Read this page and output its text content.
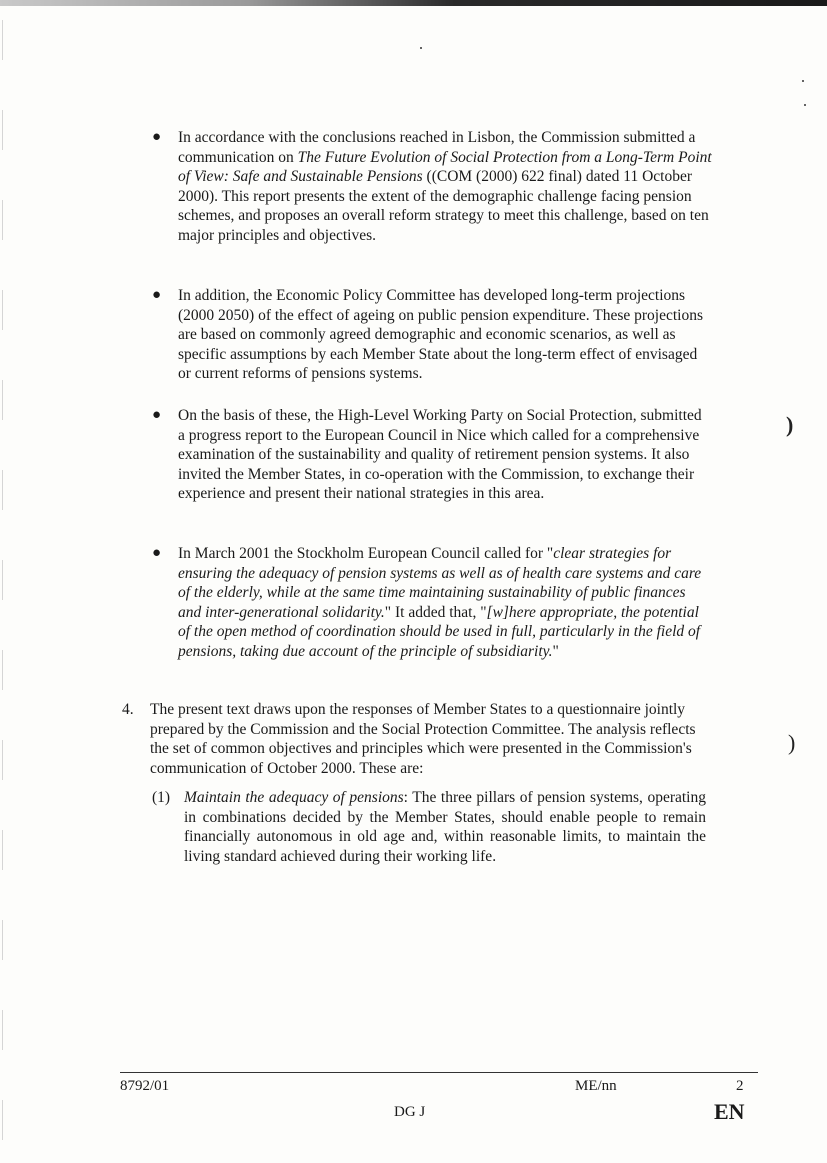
)
)
● In accordance with the conclusions reached in Lisbon, the Commission submitted a communication on The Future Evolution of Social Protection from a Long-Term Point of View: Safe and Sustainable Pensions ((COM (2000) 622 final) dated 11 October 2000). This report presents the extent of the demographic challenge facing pension schemes, and proposes an overall reform strategy to meet this challenge, based on ten major principles and objectives.

● In addition, the Economic Policy Committee has developed long-term projections (2000 2050) of the effect of ageing on public pension expenditure. These projections are based on commonly agreed demographic and economic scenarios, as well as specific assumptions by each Member State about the long-term effect of envisaged or current reforms of pensions systems.

● On the basis of these, the High-Level Working Party on Social Protection, submitted a progress report to the European Council in Nice which called for a comprehensive examination of the sustainability and quality of retirement pension systems. It also invited the Member States, in co-operation with the Commission, to exchange their experience and present their national strategies in this area.

● In March 2001 the Stockholm European Council called for "clear strategies for ensuring the adequacy of pension systems as well as of health care systems and care of the elderly, while at the same time maintaining sustainability of public finances and inter-generational solidarity." It added that, "[w]here appropriate, the potential of the open method of coordination should be used in full, particularly in the field of pensions, taking due account of the principle of subsidiarity."

4. The present text draws upon the responses of Member States to a questionnaire jointly prepared by the Commission and the Social Protection Committee. The analysis reflects the set of common objectives and principles which were presented in the Commission's communication of October 2000. These are:

(1) Maintain the adequacy of pensions: The three pillars of pension systems, operating in combinations decided by the Member States, should enable people to remain financially autonomous in old age and, within reasonable limits, to maintain the living standard achieved during their working life.

8792/01	ME/nn	2
DG J	EN
